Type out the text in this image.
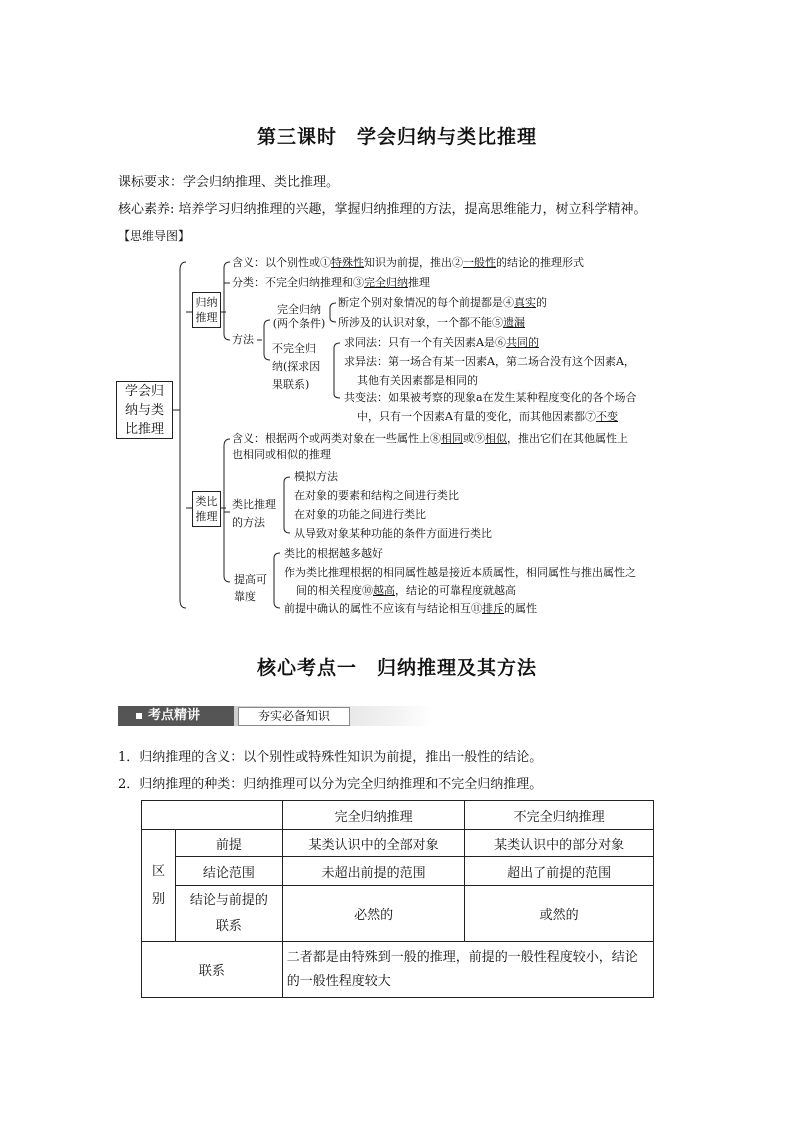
第三课时　学会归纳与类比推理
课标要求：学会归纳推理、类比推理。
核心素养: 培养学习归纳推理的兴趣，掌握归纳推理的方法，提高思维能力，树立科学精神。
【思维导图】
学会归
纳与类
比推理
归纳
推理
类比
推理
含义：以个别性或①特殊性知识为前提，推出②一般性的结论的推理形式
分类：不完全归纳推理和③完全归纳推理
方法
完全归纳
(两个条件)
断定个别对象情况的每个前提都是④真实的
所涉及的认识对象，一个都不能⑤遗漏
不完全归
纳(探求因
果联系)
求同法：只有一个有关因素A是⑥共同的
求异法：第一场合有某一因素A，第二场合没有这个因素A，
其他有关因素都是相同的
共变法：如果被考察的现象a在发生某种程度变化的各个场合
中，只有一个因素A有量的变化，而其他因素都⑦不变
含义：根据两个或两类对象在一些属性上⑧相同或⑨相似，推出它们在其他属性上
也相同或相似的推理
类比推理
的方法
模拟方法
在对象的要素和结构之间进行类比
在对象的功能之间进行类比
从导致对象某种功能的条件方面进行类比
提高可
靠度
类比的根据越多越好
作为类比推理根据的相同属性越是接近本质属性，相同属性与推出属性之
间的相关程度⑩越高，结论的可靠程度就越高
前提中确认的属性不应该有与结论相互⑪排斥的属性
核心考点一　归纳推理及其方法
考点精讲	夯实必备知识
1．归纳推理的含义：以个别性或特殊性知识为前提，推出一般性的结论。
2．归纳推理的种类：归纳推理可以分为完全归纳推理和不完全归纳推理。
		完全归纳推理	不完全归纳推理
区
别	前提	某类认识中的全部对象	某类认识中的部分对象
	结论范围	未超出前提的范围	超出了前提的范围
	结论与前提的
联系	必然的	或然的
联系		二者都是由特殊到一般的推理，前提的一般性程度较小，结论的一般性程度较大	
